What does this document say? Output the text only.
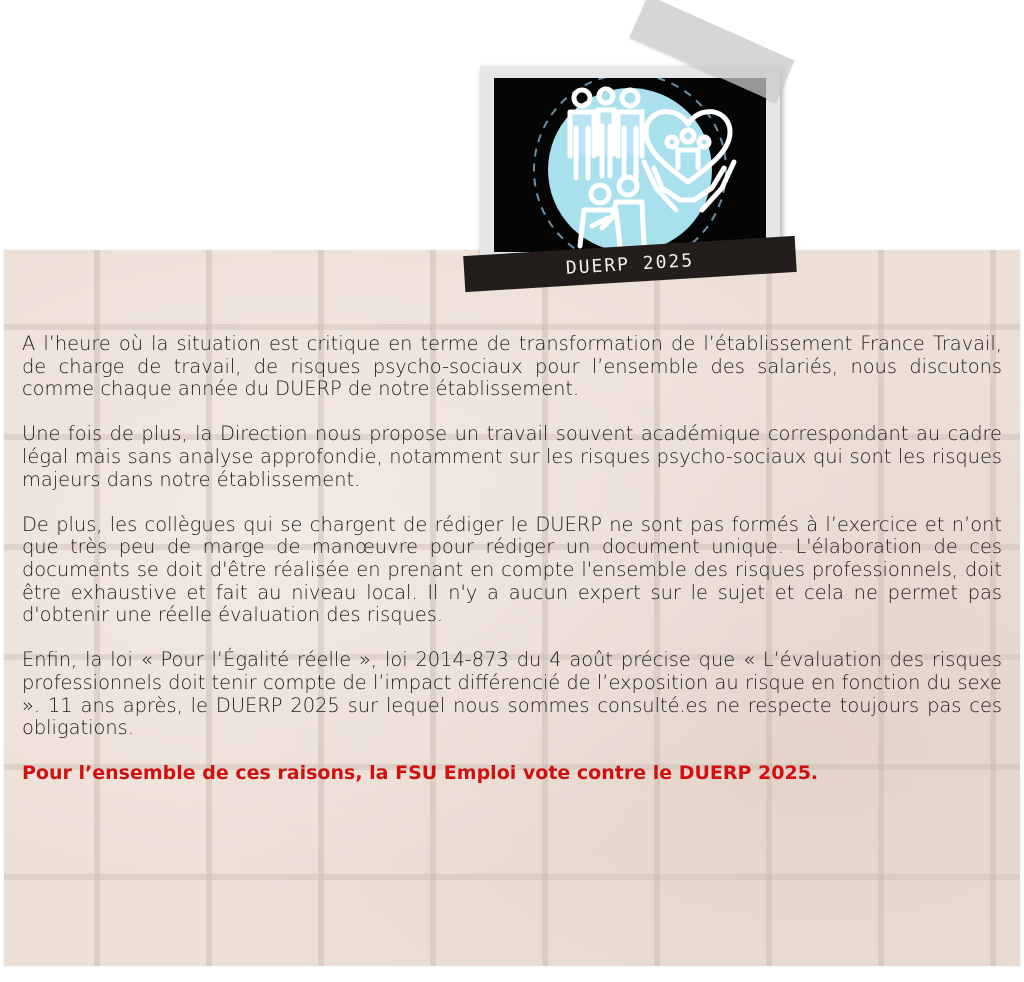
DUERP 2025

A l’heure où la situation est critique en terme de transformation de l’établissement France Travail, de charge de travail, de risques psycho-sociaux pour l’ensemble des salariés, nous discutons comme chaque année du DUERP de notre établissement.

Une fois de plus, la Direction nous propose un travail souvent académique correspondant au cadre légal mais sans analyse approfondie, notamment sur les risques psycho-sociaux qui sont les risques majeurs dans notre établissement.

De plus, les collègues qui se chargent de rédiger le DUERP ne sont pas formés à l’exercice et n’ont que très peu de marge de manœuvre pour rédiger un document unique. L'élaboration de ces documents se doit d'être réalisée en prenant en compte l'ensemble des risques professionnels, doit être exhaustive et fait au niveau local. Il n'y a aucun expert sur le sujet et cela ne permet pas d'obtenir une réelle évaluation des risques.

Enfin, la loi « Pour l’Égalité réelle », loi 2014-873 du 4 août précise que « L’évaluation des risques professionnels doit tenir compte de l’impact différencié de l’exposition au risque en fonction du sexe ». 11 ans après, le DUERP 2025 sur lequel nous sommes consulté.es ne respecte toujours pas ces obligations.

Pour l’ensemble de ces raisons, la FSU Emploi vote contre le DUERP 2025.
